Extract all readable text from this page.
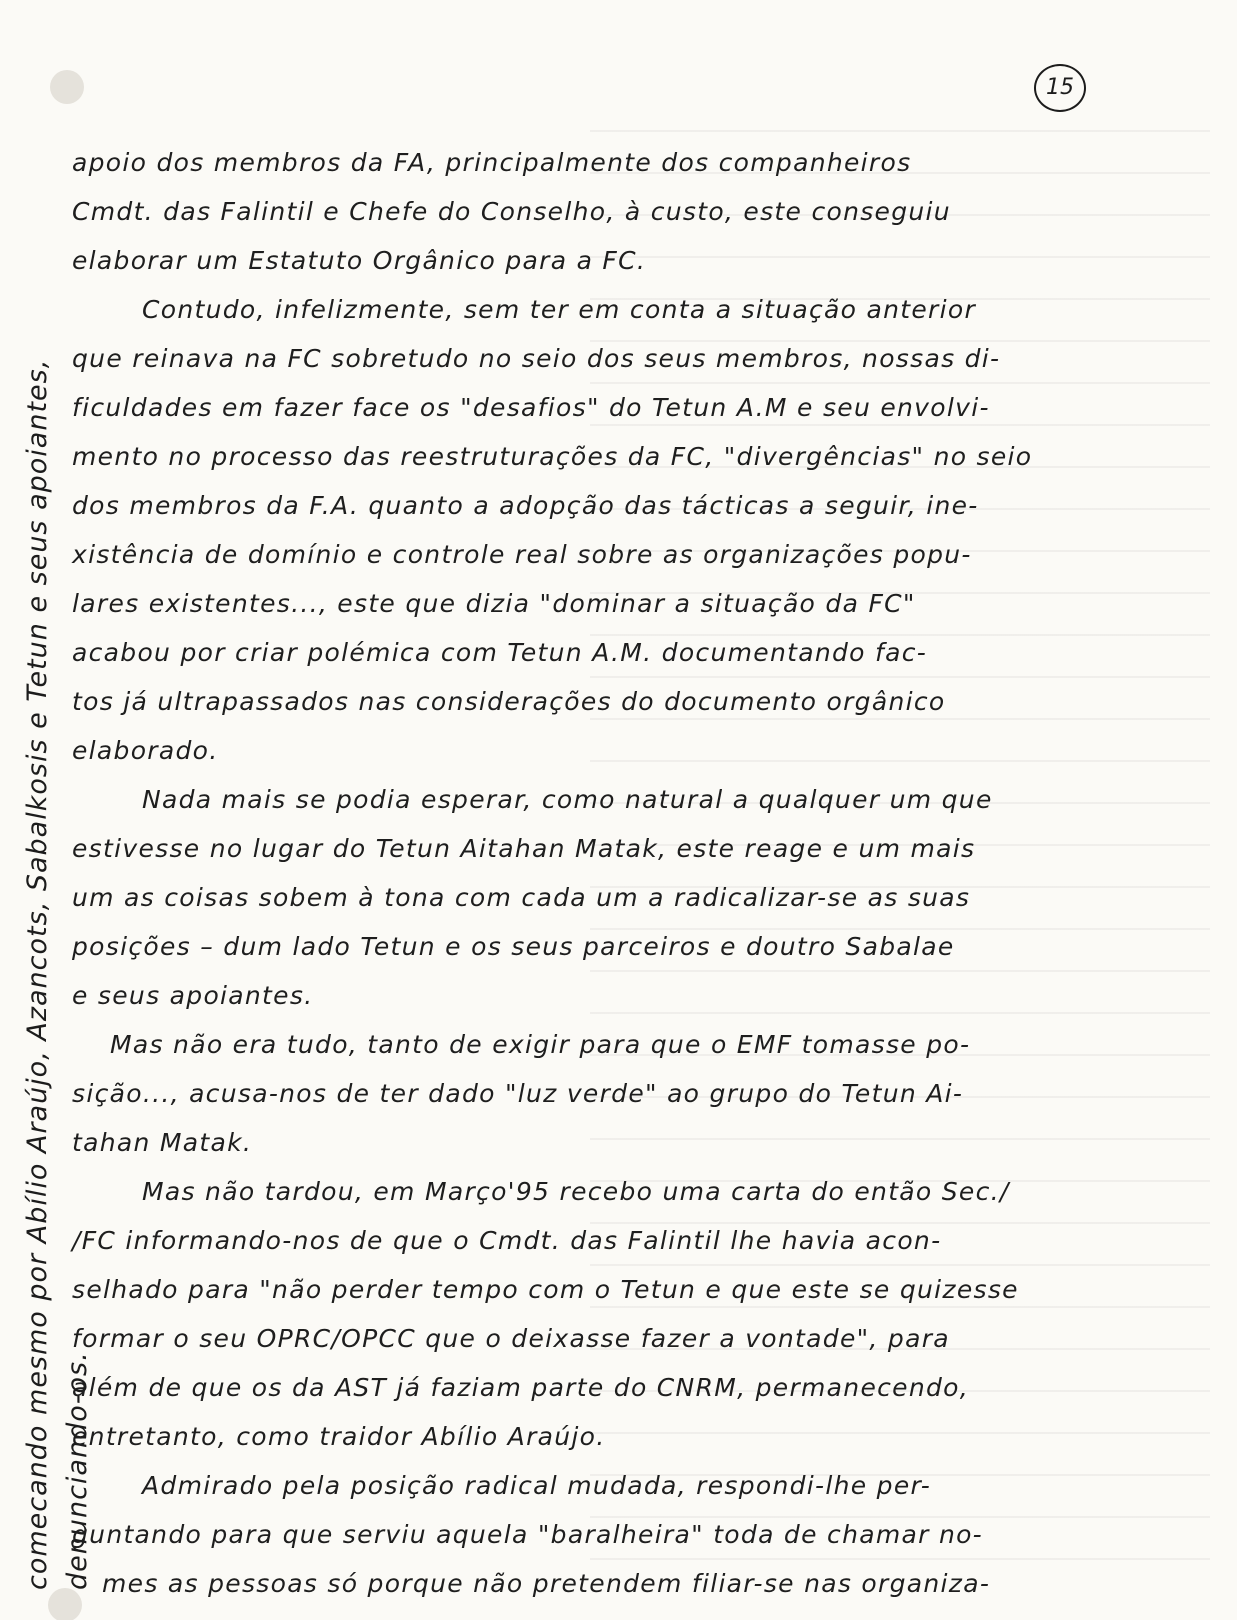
15
comecando mesmo por Abílio Araújo, Azancots, Sabalkosis e Tetun e seus apoiantes, denunciando-os.

apoio dos membros da FA, principalmente dos companheiros
Cmdt. das Falintil e Chefe do Conselho, à custo, este conseguiu
elaborar um Estatuto Orgânico para a FC.

Contudo, infelizmente, sem ter em conta a situação anterior
que reinava na FC sobretudo no seio dos seus membros, nossas di-
ficuldades em fazer face os "desafios" do Tetun A.M e seu envolvi-
mento no processo das reestruturações da FC, "divergências" no seio
dos membros da F.A. quanto a adopção das tácticas a seguir, ine-
xistência de domínio e controle real sobre as organizações popu-
lares existentes..., este que dizia "dominar a situação da FC"
acabou por criar polémica com Tetun A.M. documentando fac-
tos já ultrapassados nas considerações do documento orgânico
elaborado.

Nada mais se podia esperar, como natural a qualquer um que
estivesse no lugar do Tetun Aitahan Matak, este reage e um mais
um as coisas sobem à tona com cada um a radicalizar-se as suas
posições – dum lado Tetun e os seus parceiros e doutro Sabalae
e seus apoiantes.

Mas não era tudo, tanto de exigir para que o EMF tomasse po-
sição..., acusa-nos de ter dado "luz verde" ao grupo do Tetun Ai-
tahan Matak.

Mas não tardou, em Março'95 recebo uma carta do então Sec./
/FC informando-nos de que o Cmdt. das Falintil lhe havia acon-
selhado para "não perder tempo com o Tetun e que este se quizesse
formar o seu OPRC/OPCC que o deixasse fazer a vontade", para
além de que os da AST já faziam parte do CNRM, permanecendo,
entretanto, como traidor Abílio Araújo.

Admirado pela posição radical mudada, respondi-lhe per-
guntando para que serviu aquela "baralheira" toda de chamar no-
mes as pessoas só porque não pretendem filiar-se nas organiza-
